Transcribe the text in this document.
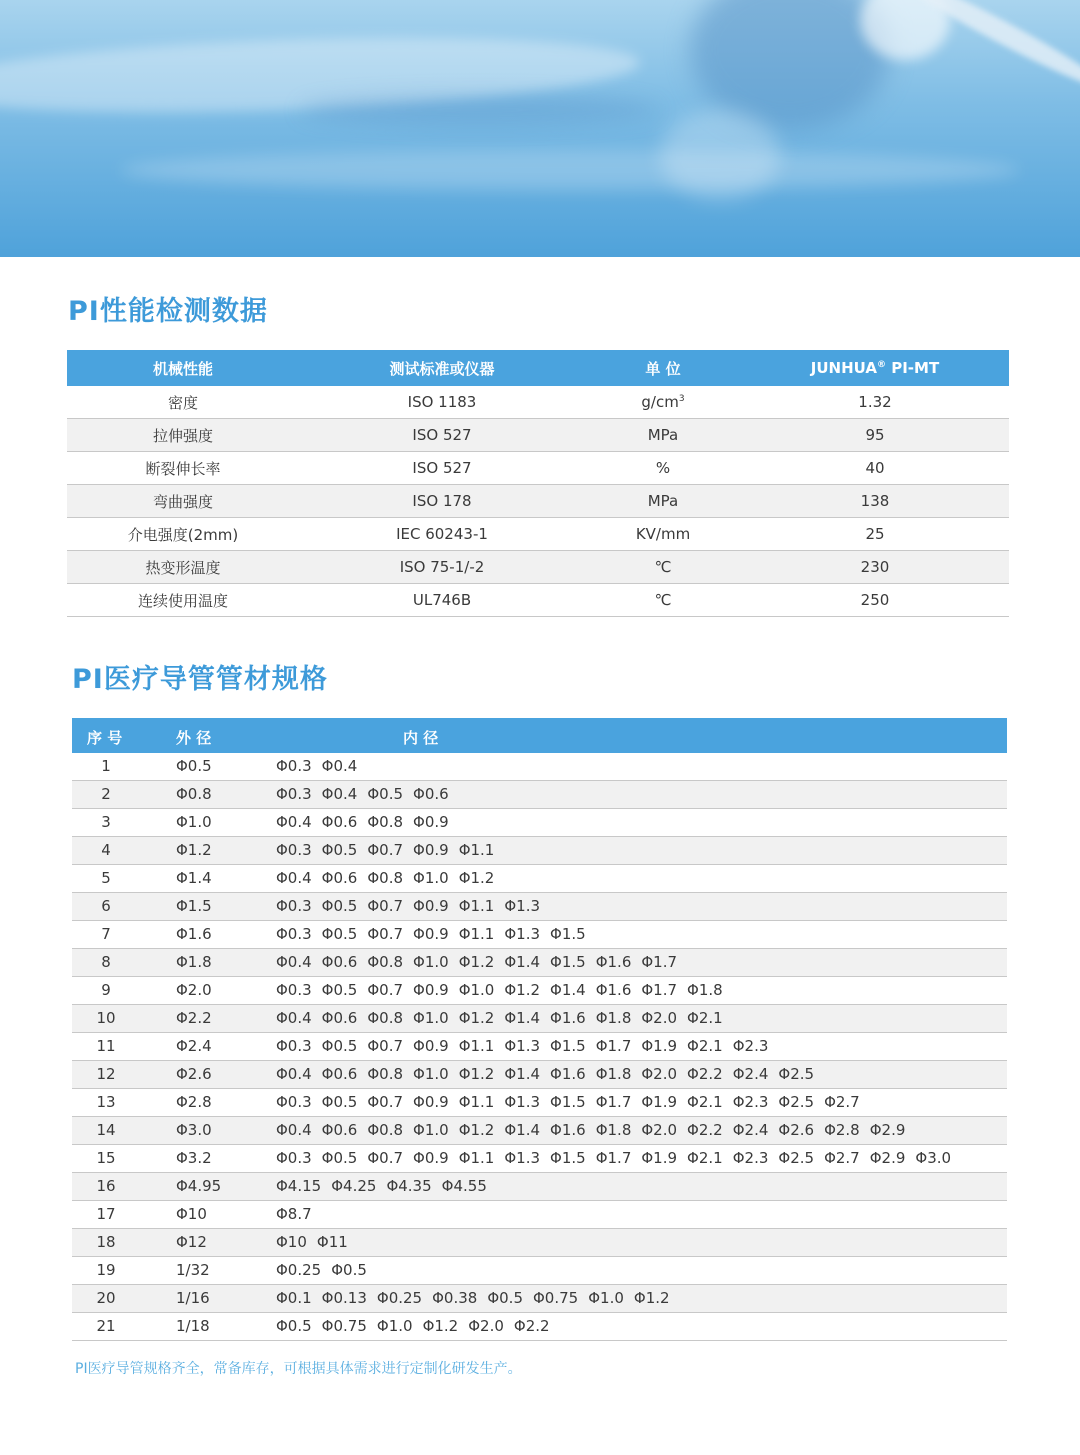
PI性能检测数据
机械性能	测试标准或仪器	单 位	JUNHUA® PI-MT
密度	ISO 1183	$g/cm^3$	1.32
拉伸强度	ISO 527	MPa	95
断裂伸长率	ISO 527	%	40
弯曲强度	ISO 178	MPa	138
介电强度(2mm)	IEC 60243-1	KV/mm	25
热变形温度	ISO 75-1/-2	℃	230
连续使用温度	UL746B	℃	250
PI医疗导管管材规格
序 号	外 径	内 径
1	Φ0.5	Φ0.3 Φ0.4
2	Φ0.8	Φ0.3 Φ0.4 Φ0.5 Φ0.6
3	Φ1.0	Φ0.4 Φ0.6 Φ0.8 Φ0.9
4	Φ1.2	Φ0.3 Φ0.5 Φ0.7 Φ0.9 Φ1.1
5	Φ1.4	Φ0.4 Φ0.6 Φ0.8 Φ1.0 Φ1.2
6	Φ1.5	Φ0.3 Φ0.5 Φ0.7 Φ0.9 Φ1.1 Φ1.3
7	Φ1.6	Φ0.3 Φ0.5 Φ0.7 Φ0.9 Φ1.1 Φ1.3 Φ1.5
8	Φ1.8	Φ0.4 Φ0.6 Φ0.8 Φ1.0 Φ1.2 Φ1.4 Φ1.5 Φ1.6 Φ1.7
9	Φ2.0	Φ0.3 Φ0.5 Φ0.7 Φ0.9 Φ1.0 Φ1.2 Φ1.4 Φ1.6 Φ1.7 Φ1.8
10	Φ2.2	Φ0.4 Φ0.6 Φ0.8 Φ1.0 Φ1.2 Φ1.4 Φ1.6 Φ1.8 Φ2.0 Φ2.1
11	Φ2.4	Φ0.3 Φ0.5 Φ0.7 Φ0.9 Φ1.1 Φ1.3 Φ1.5 Φ1.7 Φ1.9 Φ2.1 Φ2.3
12	Φ2.6	Φ0.4 Φ0.6 Φ0.8 Φ1.0 Φ1.2 Φ1.4 Φ1.6 Φ1.8 Φ2.0 Φ2.2 Φ2.4 Φ2.5
13	Φ2.8	Φ0.3 Φ0.5 Φ0.7 Φ0.9 Φ1.1 Φ1.3 Φ1.5 Φ1.7 Φ1.9 Φ2.1 Φ2.3 Φ2.5 Φ2.7
14	Φ3.0	Φ0.4 Φ0.6 Φ0.8 Φ1.0 Φ1.2 Φ1.4 Φ1.6 Φ1.8 Φ2.0 Φ2.2 Φ2.4 Φ2.6 Φ2.8 Φ2.9
15	Φ3.2	Φ0.3 Φ0.5 Φ0.7 Φ0.9 Φ1.1 Φ1.3 Φ1.5 Φ1.7 Φ1.9 Φ2.1 Φ2.3 Φ2.5 Φ2.7 Φ2.9 Φ3.0
16	Φ4.95	Φ4.15 Φ4.25 Φ4.35 Φ4.55
17	Φ10	Φ8.7
18	Φ12	Φ10 Φ11
19	1/32	Φ0.25 Φ0.5
20	1/16	Φ0.1 Φ0.13 Φ0.25 Φ0.38 Φ0.5 Φ0.75 Φ1.0 Φ1.2
21	1/18	Φ0.5 Φ0.75 Φ1.0 Φ1.2 Φ2.0 Φ2.2
PI医疗导管规格齐全，常备库存，可根据具体需求进行定制化研发生产。
